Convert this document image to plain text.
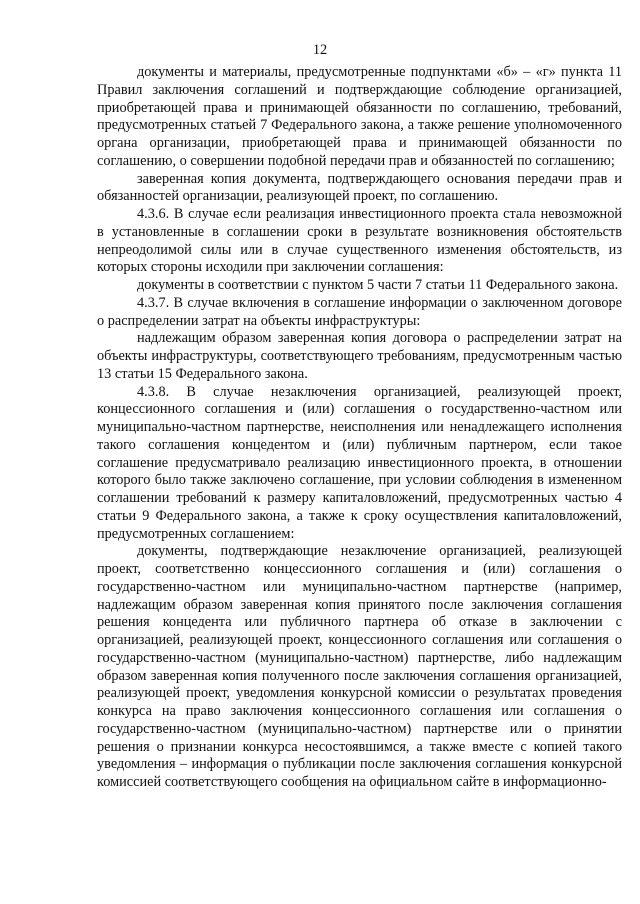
12

документы и материалы, предусмотренные подпунктами «б» – «г» пункта 11 Правил заключения соглашений и подтверждающие соблюдение организацией, приобретающей права и принимающей обязанности по соглашению, требований, предусмотренных статьей 7 Федерального закона, а также решение уполномоченного органа организации, приобретающей права и принимающей обязанности по соглашению, о совершении подобной передачи прав и обязанностей по соглашению;

заверенная копия документа, подтверждающего основания передачи прав и обязанностей организации, реализующей проект, по соглашению.

4.3.6. В случае если реализация инвестиционного проекта стала невозможной в установленные в соглашении сроки в результате возникновения обстоятельств непреодолимой силы или в случае существенного изменения обстоятельств, из которых стороны исходили при заключении соглашения:

документы в соответствии с пунктом 5 части 7 статьи 11 Федерального закона.

4.3.7. В случае включения в соглашение информации о заключенном договоре о распределении затрат на объекты инфраструктуры:

надлежащим образом заверенная копия договора о распределении затрат на объекты инфраструктуры, соответствующего требованиям, предусмотренным частью 13 статьи 15 Федерального закона.

4.3.8. В случае незаключения организацией, реализующей проект, концессионного соглашения и (или) соглашения о государственно-частном или муниципально-частном партнерстве, неисполнения или ненадлежащего исполнения такого соглашения концедентом и (или) публичным партнером, если такое соглашение предусматривало реализацию инвестиционного проекта, в отношении которого было также заключено соглашение, при условии соблюдения в измененном соглашении требований к размеру капиталовложений, предусмотренных частью 4 статьи 9 Федерального закона, а также к сроку осуществления капиталовложений, предусмотренных соглашением:

документы, подтверждающие незаключение организацией, реализующей проект, соответственно концессионного соглашения и (или) соглашения о государственно-частном или муниципально-частном партнерстве (например, надлежащим образом заверенная копия принятого после заключения соглашения решения концедента или публичного партнера об отказе в заключении с организацией, реализующей проект, концессионного соглашения или соглашения о государственно-частном (муниципально-частном) партнерстве, либо надлежащим образом заверенная копия полученного после заключения соглашения организацией, реализующей проект, уведомления конкурсной комиссии о результатах проведения конкурса на право заключения концессионного соглашения или соглашения о государственно-частном (муниципально-частном) партнерстве или о принятии решения о признании конкурса несостоявшимся, а также вместе с копией такого уведомления – информация о публикации после заключения соглашения конкурсной комиссией соответствующего сообщения на официальном сайте в информационно-
